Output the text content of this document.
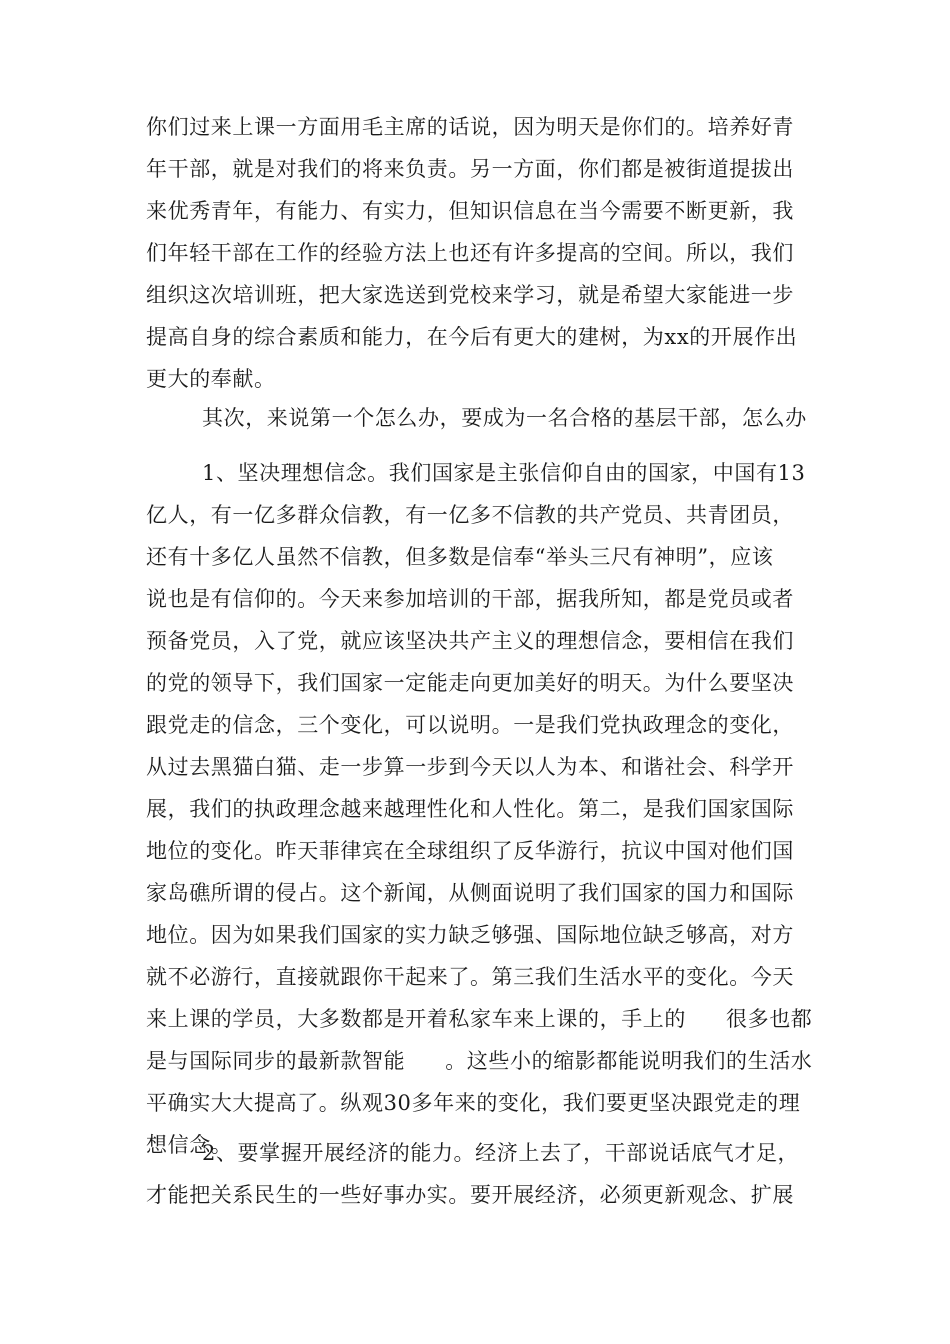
你们过来上课一方面用毛主席的话说，因为明天是你们的。培养好青
年干部，就是对我们的将来负责。另一方面，你们都是被街道提拔出
来优秀青年，有能力、有实力，但知识信息在当今需要不断更新，我
们年轻干部在工作的经验方法上也还有许多提高的空间。所以，我们
组织这次培训班，把大家选送到党校来学习，就是希望大家能进一步
提高自身的综合素质和能力，在今后有更大的建树，为xx的开展作出
更大的奉献。
其次，来说第一个怎么办，要成为一名合格的基层干部，怎么办
1、坚决理想信念。我们国家是主张信仰自由的国家，中国有13
亿人，有一亿多群众信教，有一亿多不信教的共产党员、共青团员，
还有十多亿人虽然不信教，但多数是信奉“举头三尺有神明”，应该
说也是有信仰的。今天来参加培训的干部，据我所知，都是党员或者
预备党员，入了党，就应该坚决共产主义的理想信念，要相信在我们
的党的领导下，我们国家一定能走向更加美好的明天。为什么要坚决
跟党走的信念，三个变化，可以说明。一是我们党执政理念的变化，
从过去黑猫白猫、走一步算一步到今天以人为本、和谐社会、科学开
展，我们的执政理念越来越理性化和人性化。第二，是我们国家国际
地位的变化。昨天菲律宾在全球组织了反华游行，抗议中国对他们国
家岛礁所谓的侵占。这个新闻，从侧面说明了我们国家的国力和国际
地位。因为如果我们国家的实力缺乏够强、国际地位缺乏够高，对方
就不必游行，直接就跟你干起来了。第三我们生活水平的变化。今天
来上课的学员，大多数都是开着私家车来上课的，手上的 很多也都
是与国际同步的最新款智能 。这些小的缩影都能说明我们的生活水
平确实大大提高了。纵观30多年来的变化，我们要更坚决跟党走的理
想信念。
2、要掌握开展经济的能力。经济上去了，干部说话底气才足，
才能把关系民生的一些好事办实。要开展经济，必须更新观念、扩展
